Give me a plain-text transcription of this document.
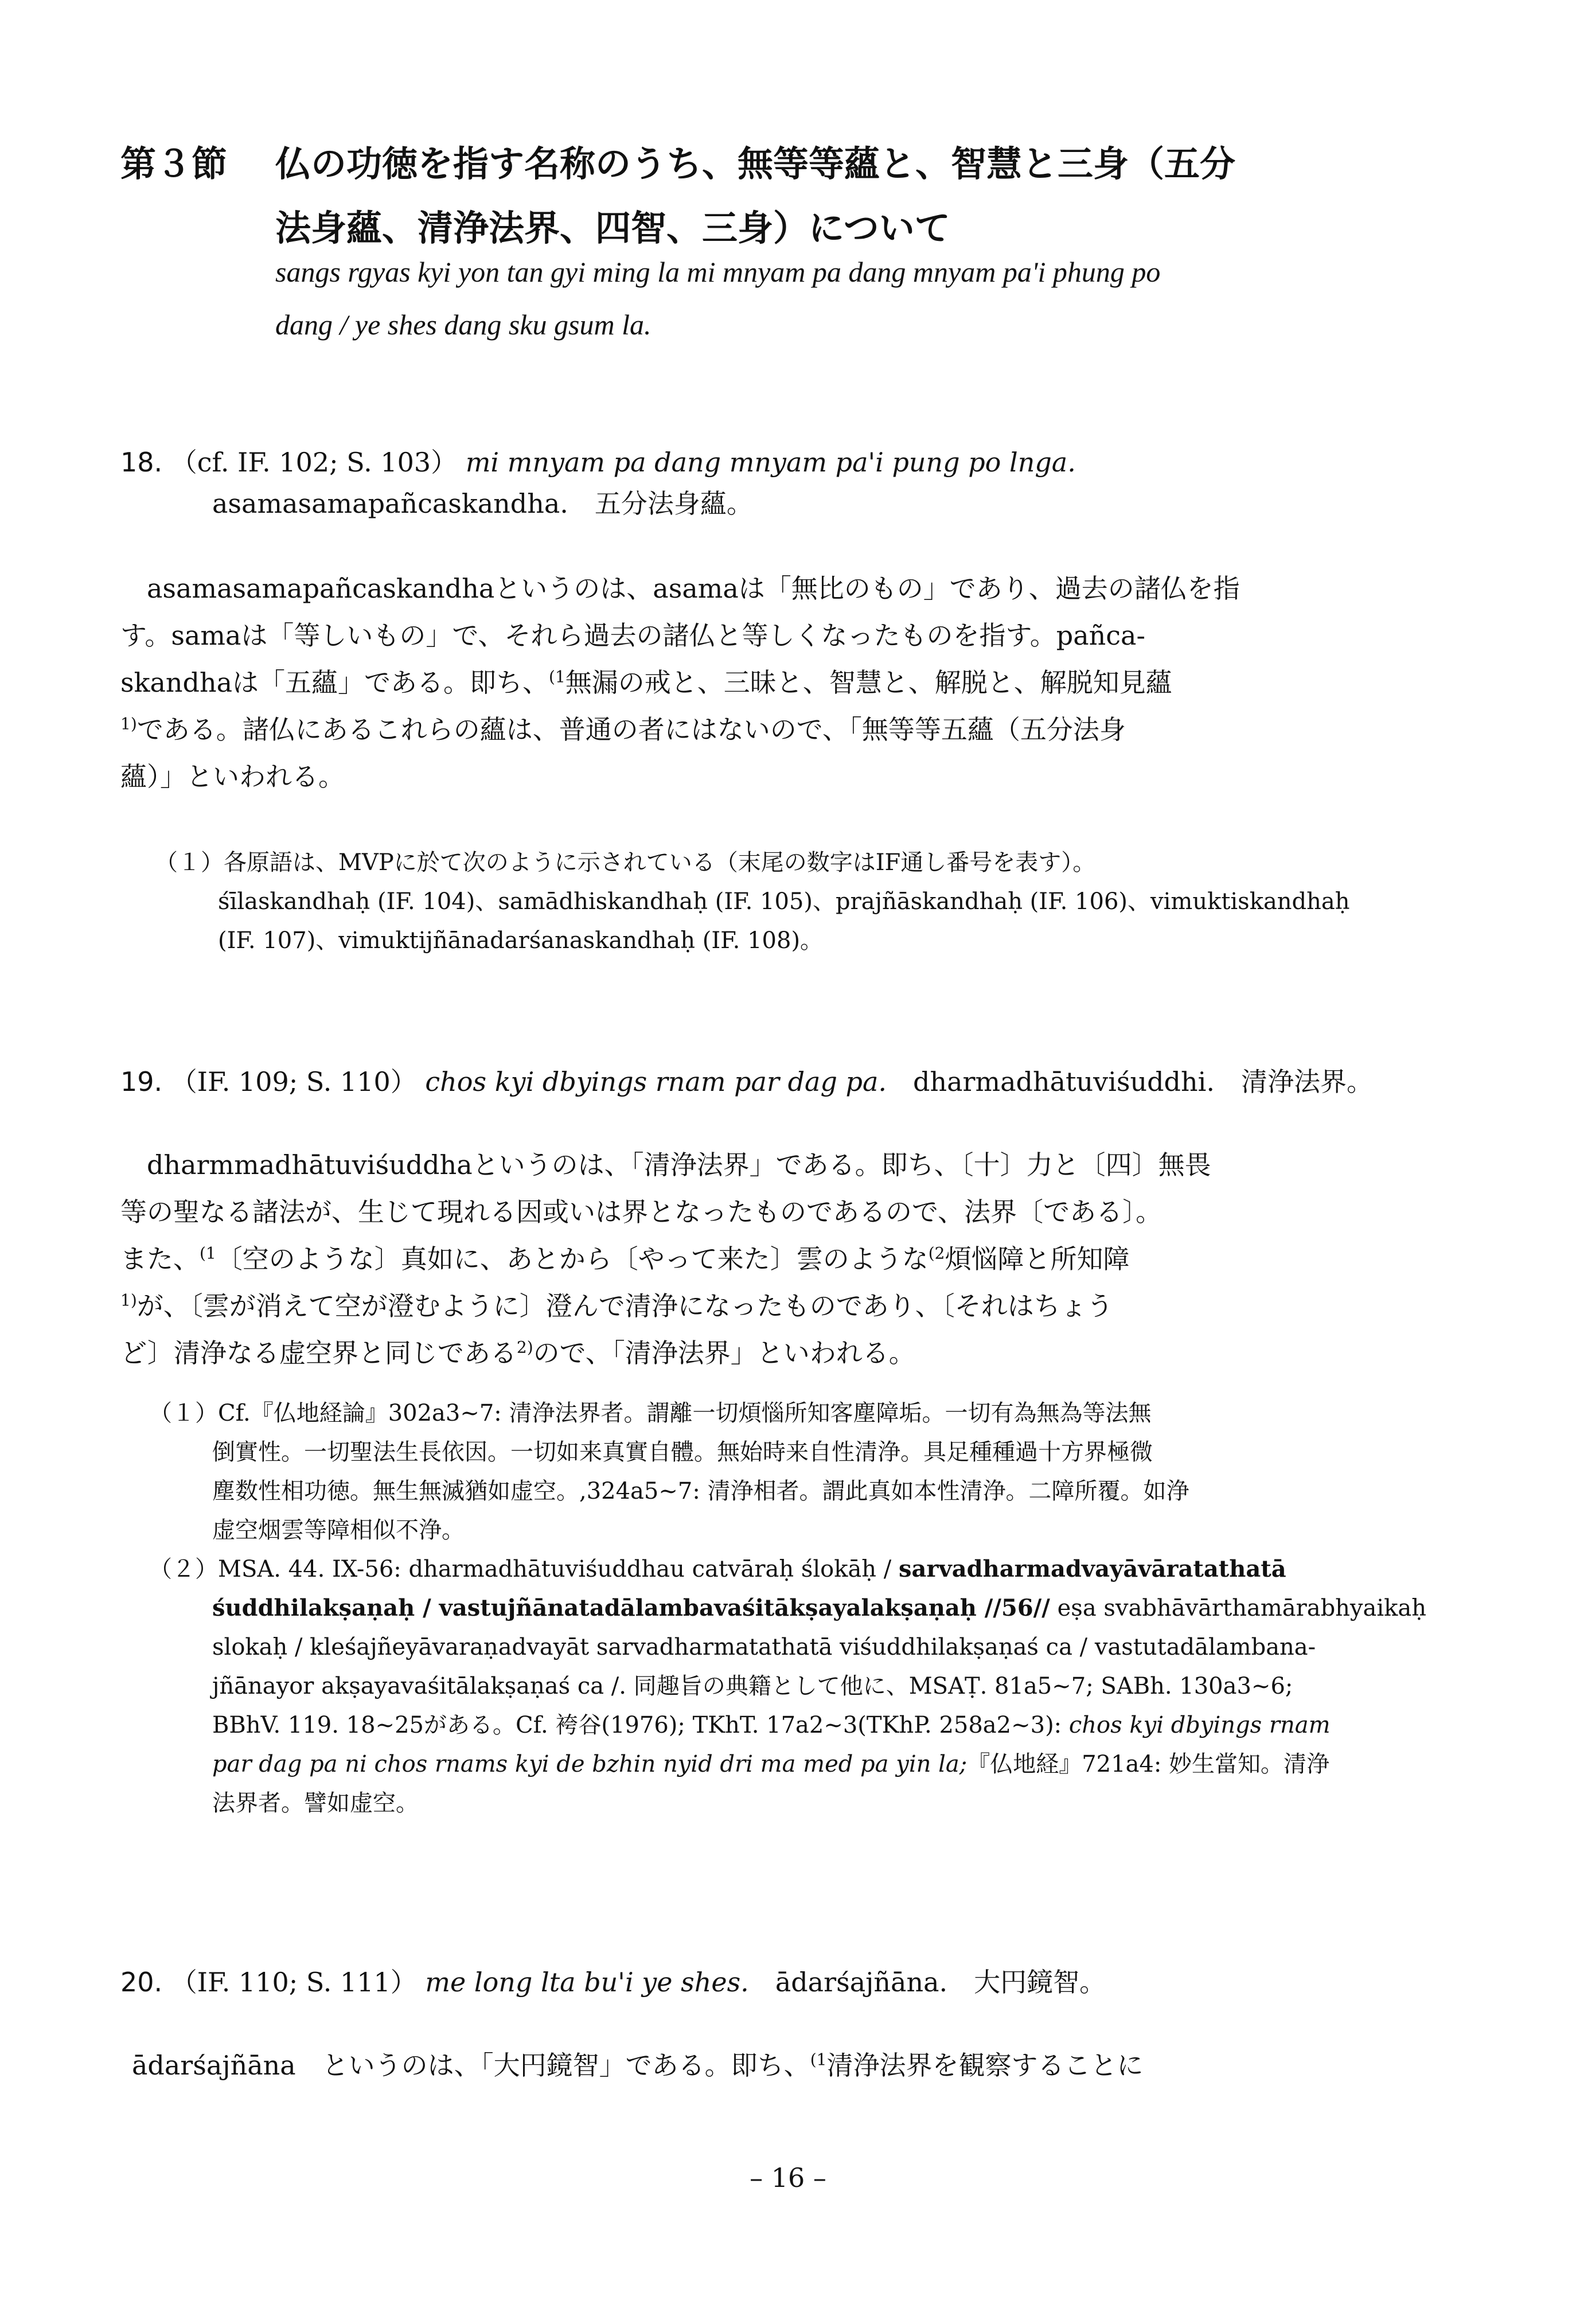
第３節 仏の功徳を指す名称のうち、無等等蘊と、智慧と三身（五分
法身蘊、清浄法界、四智、三身）について
sangs rgyas kyi yon tan gyi ming la mi mnyam pa dang mnyam pa'i phung po
dang / ye shes dang sku gsum la.
18. （cf. IF. 102; S. 103） mi mnyam pa dang mnyam pa'i pung po lnga.
asamasamapañcaskandha.　 五分法身蘊。
asamasamapañcaskandhaというのは、asamaは「無比のもの」であり、過去の諸仏を指
す。samaは「等しいもの」で、それら過去の諸仏と等しくなったものを指す。pañca-
skandhaは「五蘊」である。即ち、$^{(1}$無漏の戒と、三昧と、智慧と、解脱と、解脱知見蘊
$^{1)}$である。諸仏にあるこれらの蘊は、普通の者にはないので、「無等等五蘊（五分法身
蘊）」といわれる。
（１）各原語は、MVPに於て次のように示されている（末尾の数字はIF通し番号を表す）。
śīlaskandhaḥ (IF. 104)、samādhiskandhaḥ (IF. 105)、prajñāskandhaḥ (IF. 106)、vimuktiskandhaḥ
(IF. 107)、vimuktijñānadarśanaskandhaḥ (IF. 108)。
19. （IF. 109; S. 110） chos kyi dbyings rnam par dag pa.　 dharmadhātuviśuddhi.　 清浄法界。
dharmmadhātuviśuddhaというのは、「清浄法界」である。即ち、〔十〕力と〔四〕無畏
等の聖なる諸法が、生じて現れる因或いは界となったものであるので、法界〔である〕。
また、$^{(1}$〔空のような〕真如に、あとから〔やって来た〕雲のような$^{(2}$煩悩障と所知障
$^{1)}$が、〔雲が消えて空が澄むように〕澄んで清浄になったものであり、〔それはちょう
ど〕清浄なる虚空界と同じである$^{2)}$ので、「清浄法界」といわれる。
（１）Cf.『仏地経論』302a3~7: 清浄法界者。謂離一切煩惱所知客塵障垢。一切有為無為等法無
倒實性。一切聖法生長依因。一切如来真實自體。無始時来自性清浄。具足種種過十方界極微
塵数性相功徳。無生無滅猶如虚空。,324a5~7: 清浄相者。謂此真如本性清浄。二障所覆。如浄
虚空烟雲等障相似不浄。
（２）MSA. 44. IX-56: dharmadhātuviśuddhau catvāraḥ ślokāḥ / sarvadharmadvayāvāratathatā
śuddhilakṣaṇaḥ / vastujñānatadālambavaśitākṣayalakṣaṇaḥ //56// eṣa svabhāvārthamārabhyaikaḥ
slokaḥ / kleśajñeyāvaraṇadvayāt sarvadharmatathatā viśuddhilakṣaṇaś ca / vastutadālambana-
jñānayor akṣayavaśitālakṣaṇaś ca /. 同趣旨の典籍として他に、MSAṬ. 81a5~7; SABh. 130a3~6;
BBhV. 119. 18~25がある。Cf. 袴谷(1976); TKhT. 17a2~3(TKhP. 258a2~3): chos kyi dbyings rnam
par dag pa ni chos rnams kyi de bzhin nyid dri ma med pa yin la;『仏地経』721a4: 妙生當知。清浄
法界者。譬如虚空。
20. （IF. 110; S. 111） me long lta bu'i ye shes.　 ādarśajñāna.　 大円鏡智。
ādarśajñāna　というのは、「大円鏡智」である。即ち、$^{(1}$清浄法界を観察することに
– 16 –
